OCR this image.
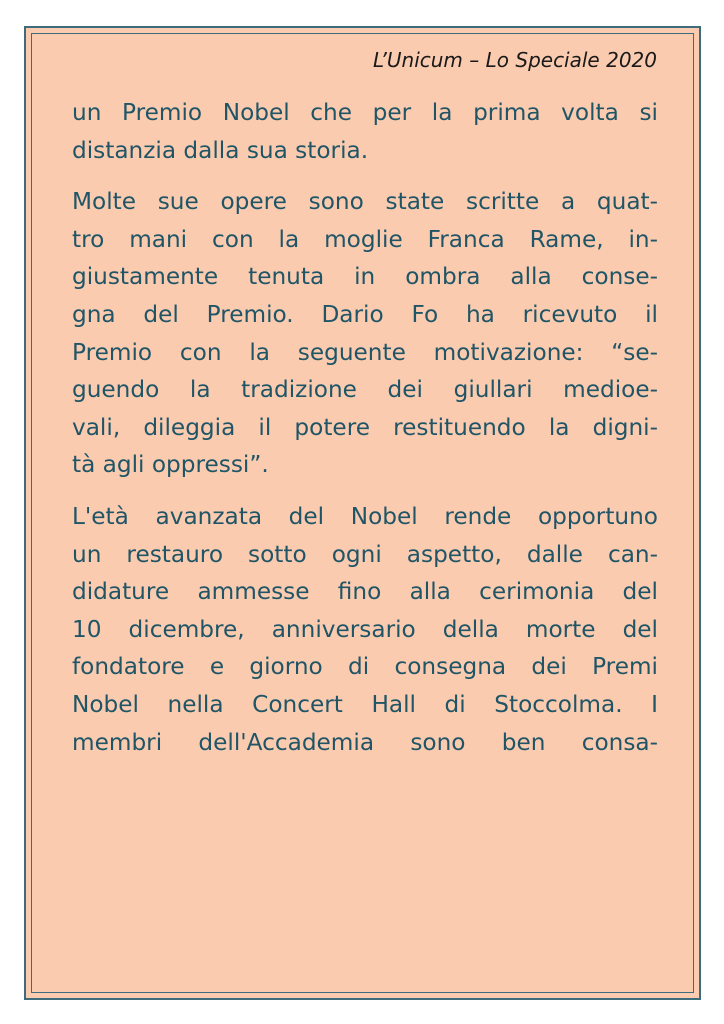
L’Unicum – Lo Speciale 2020

un Premio Nobel che per la prima volta si
distanzia dalla sua storia.

Molte sue opere sono state scritte a quat-
tro mani con la moglie Franca Rame, in-
giustamente tenuta in ombra alla conse-
gna del Premio. Dario Fo ha ricevuto il
Premio con la seguente motivazione: “se-
guendo la tradizione dei giullari medioe-
vali, dileggia il potere restituendo la digni-
tà agli oppressi”.

L'età avanzata del Nobel rende opportuno
un restauro sotto ogni aspetto, dalle can-
didature ammesse fino alla cerimonia del
10 dicembre, anniversario della morte del
fondatore e giorno di consegna dei Premi
Nobel nella Concert Hall di Stoccolma. I
membri dell'Accademia sono ben consa-
